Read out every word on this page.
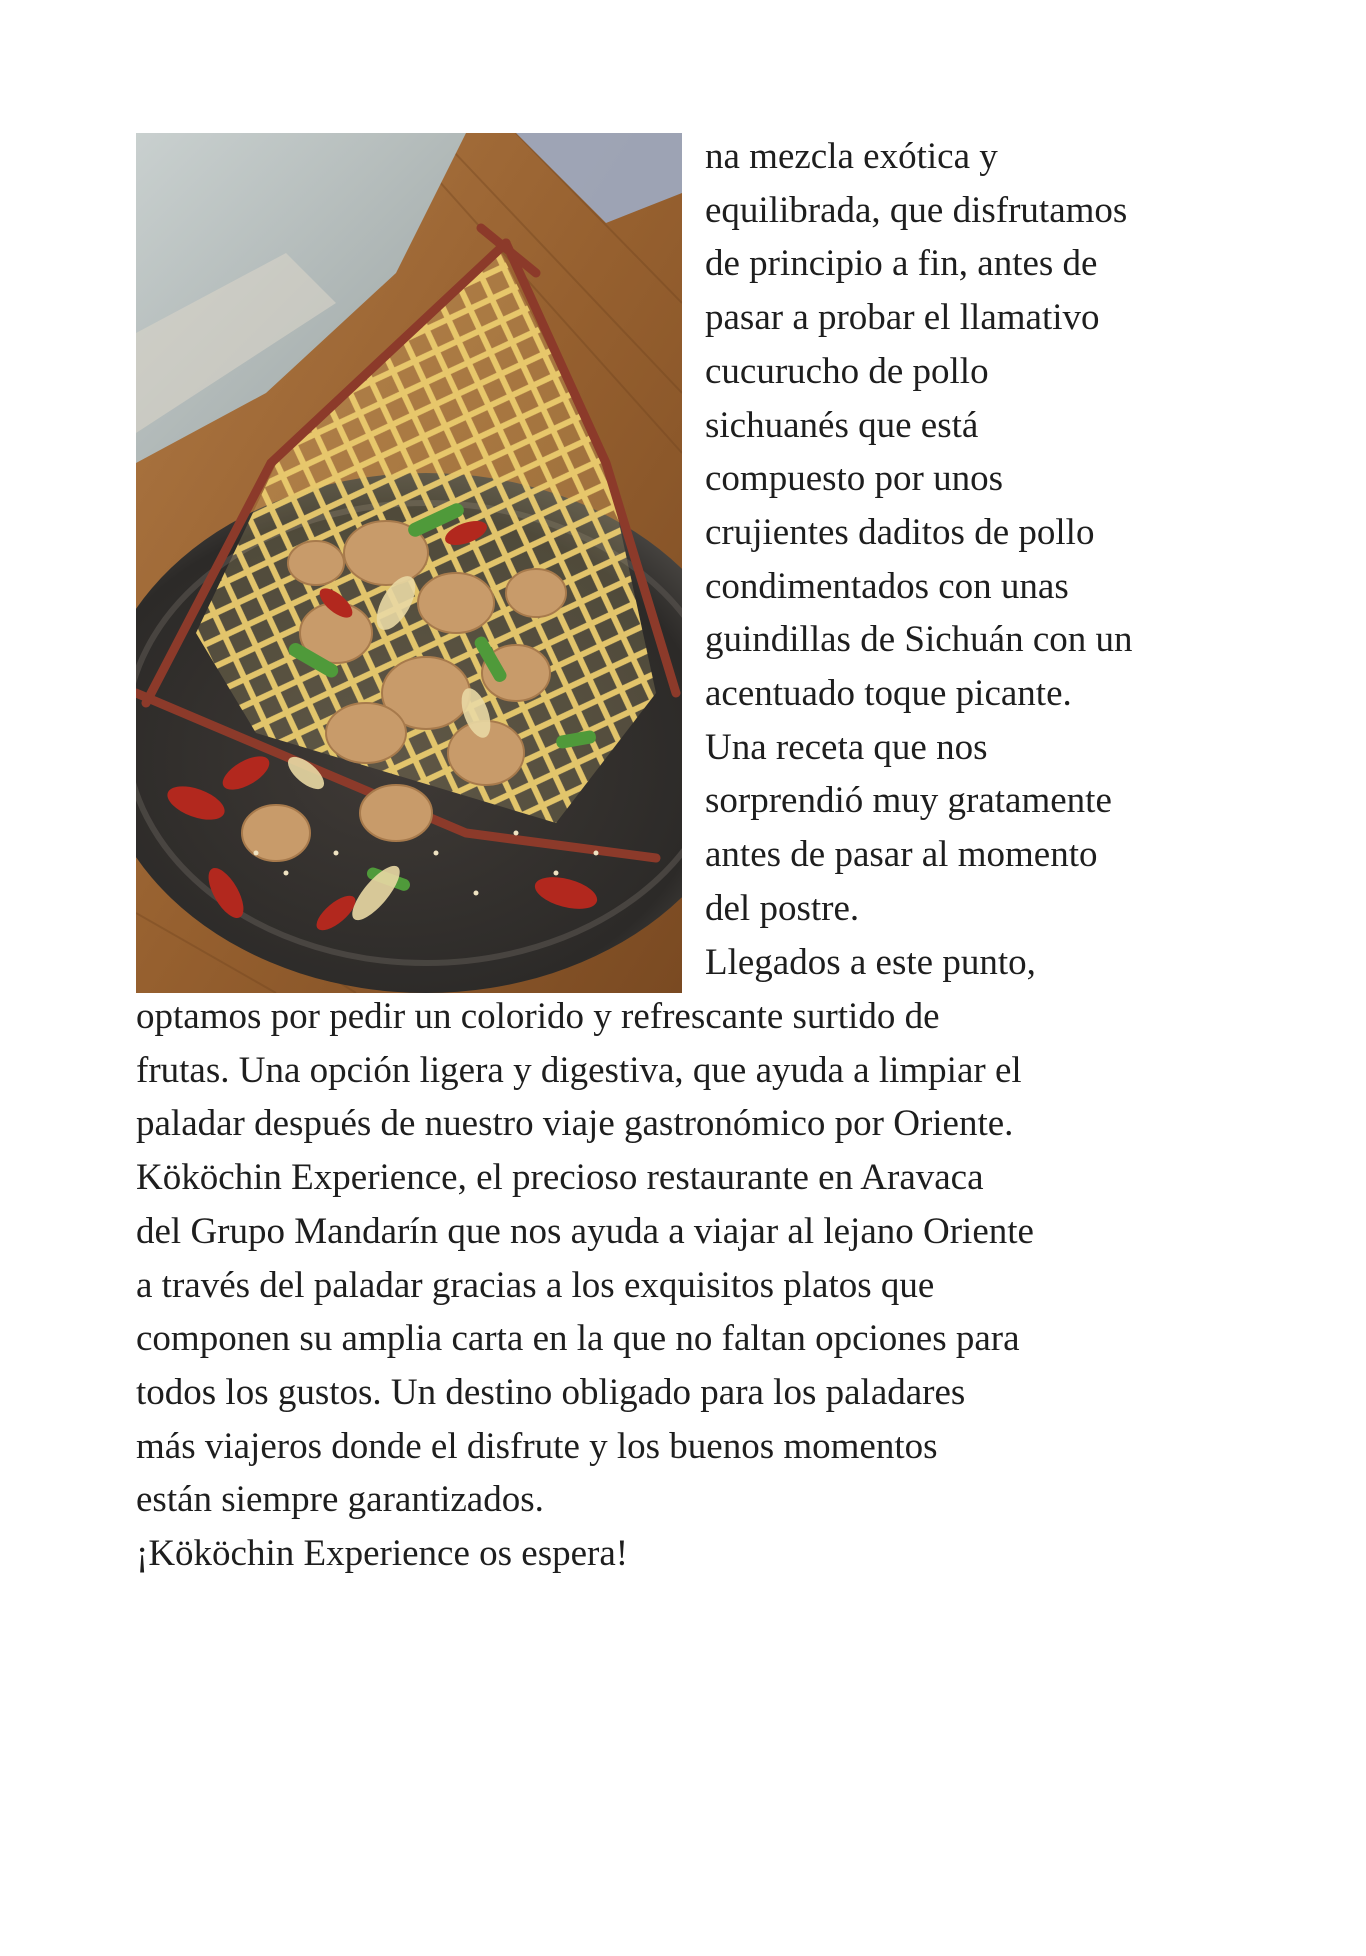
na mezcla exótica y
equilibrada, que disfrutamos
de principio a fin, antes de
pasar a probar el llamativo
cucurucho de pollo
sichuanés que está
compuesto por unos
crujientes daditos de pollo
condimentados con unas
guindillas de Sichuán con un
acentuado toque picante.
Una receta que nos
sorprendió muy gratamente
antes de pasar al momento
del postre.
Llegados a este punto,
optamos por pedir un colorido y refrescante surtido de
frutas. Una opción ligera y digestiva, que ayuda a limpiar el
paladar después de nuestro viaje gastronómico por Oriente.
Kököchin Experience, el precioso restaurante en Aravaca
del Grupo Mandarín que nos ayuda a viajar al lejano Oriente
a través del paladar gracias a los exquisitos platos que
componen su amplia carta en la que no faltan opciones para
todos los gustos. Un destino obligado para los paladares
más viajeros donde el disfrute y los buenos momentos
están siempre garantizados.
¡Kököchin Experience os espera!
